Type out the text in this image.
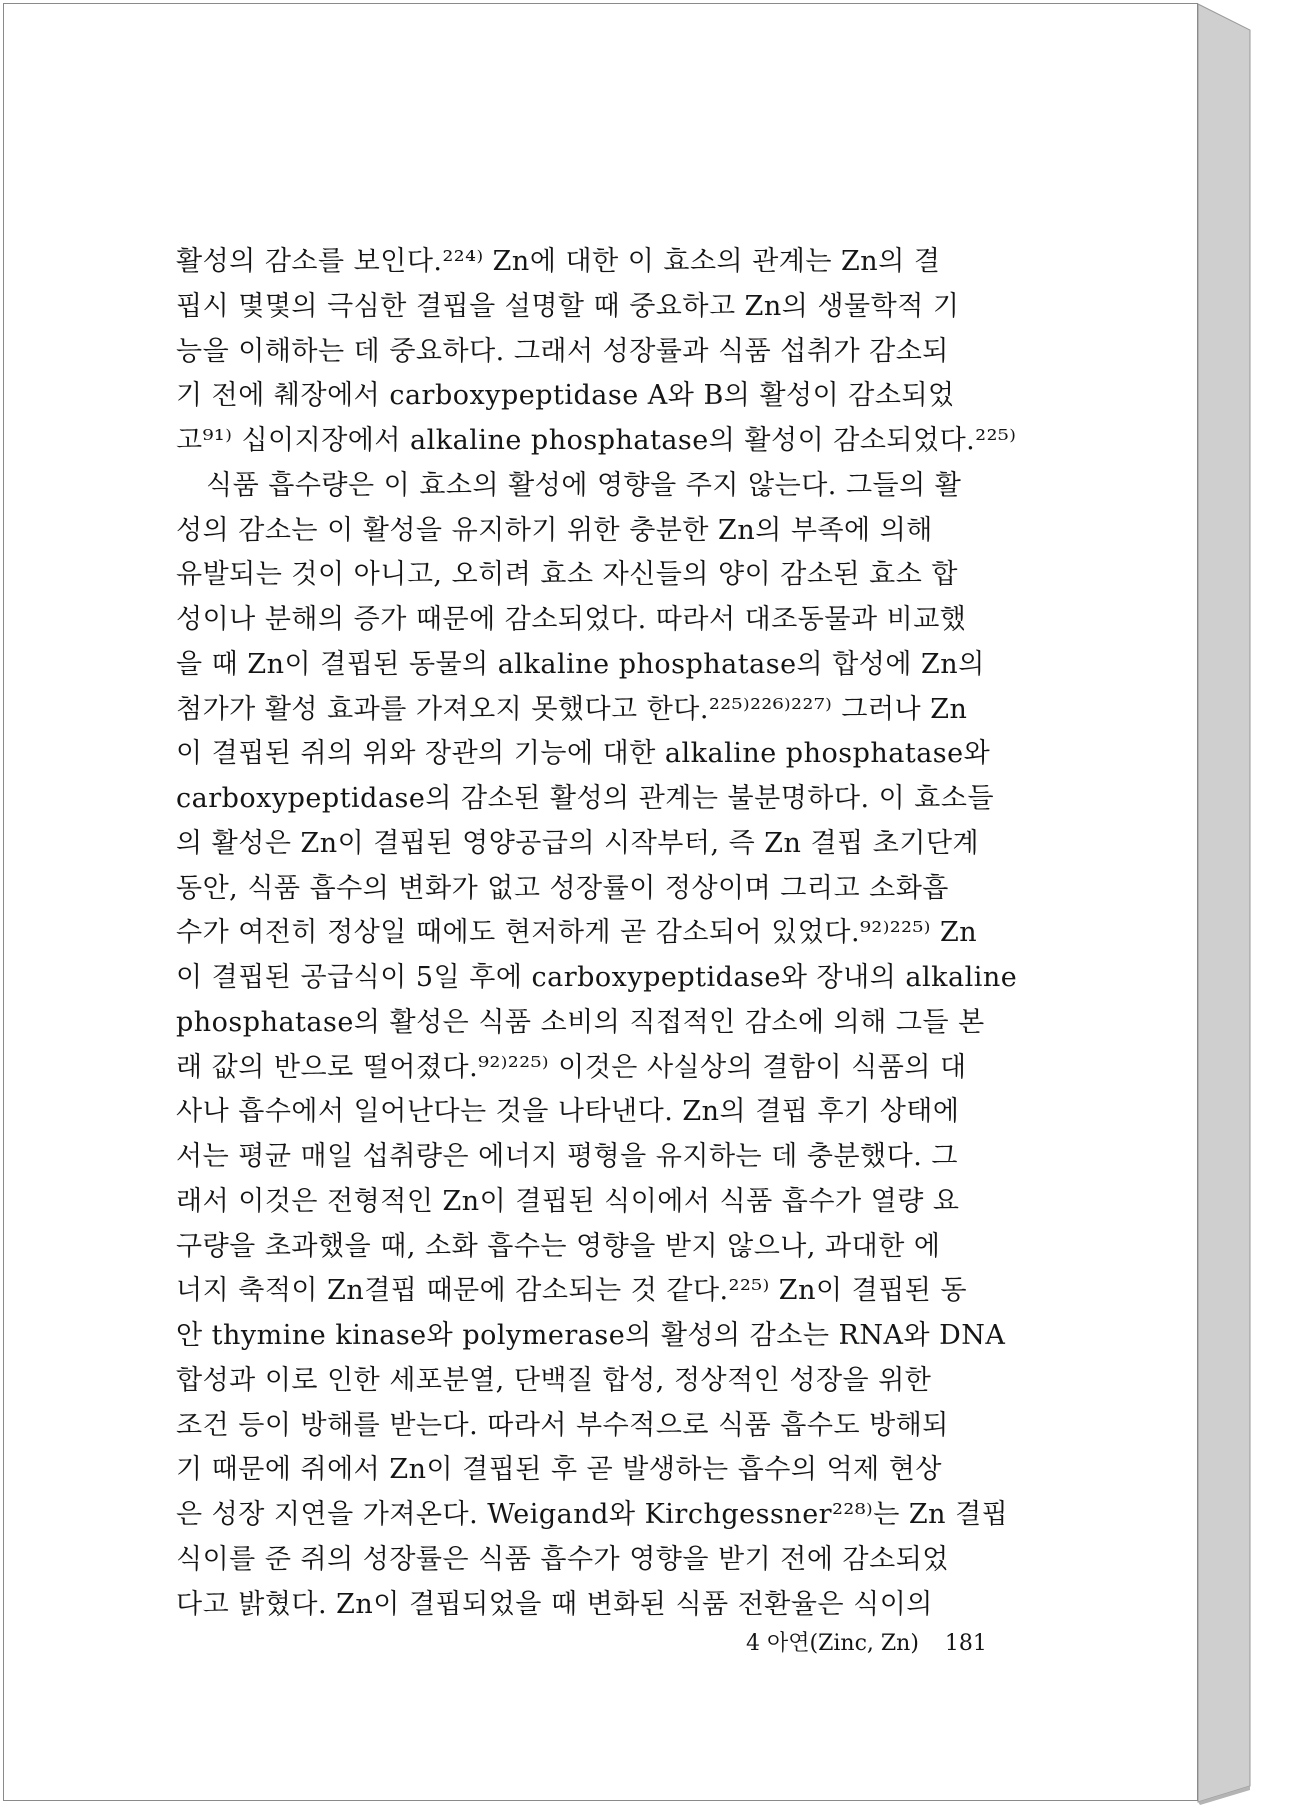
활성의 감소를 보인다.²²⁴⁾ Zn에 대한 이 효소의 관계는 Zn의 결
핍시 몇몇의 극심한 결핍을 설명할 때 중요하고 Zn의 생물학적 기
능을 이해하는 데 중요하다. 그래서 성장률과 식품 섭취가 감소되
기 전에 췌장에서 carboxypeptidase A와 B의 활성이 감소되었
고⁹¹⁾ 십이지장에서 alkaline phosphatase의 활성이 감소되었다.²²⁵⁾
식품 흡수량은 이 효소의 활성에 영향을 주지 않는다. 그들의 활
성의 감소는 이 활성을 유지하기 위한 충분한 Zn의 부족에 의해
유발되는 것이 아니고, 오히려 효소 자신들의 양이 감소된 효소 합
성이나 분해의 증가 때문에 감소되었다. 따라서 대조동물과 비교했
을 때 Zn이 결핍된 동물의 alkaline phosphatase의 합성에 Zn의
첨가가 활성 효과를 가져오지 못했다고 한다.²²⁵⁾²²⁶⁾²²⁷⁾ 그러나 Zn
이 결핍된 쥐의 위와 장관의 기능에 대한 alkaline phosphatase와
carboxypeptidase의 감소된 활성의 관계는 불분명하다. 이 효소들
의 활성은 Zn이 결핍된 영양공급의 시작부터, 즉 Zn 결핍 초기단계
동안, 식품 흡수의 변화가 없고 성장률이 정상이며 그리고 소화흡
수가 여전히 정상일 때에도 현저하게 곧 감소되어 있었다.⁹²⁾²²⁵⁾ Zn
이 결핍된 공급식이 5일 후에 carboxypeptidase와 장내의 alkaline
phosphatase의 활성은 식품 소비의 직접적인 감소에 의해 그들 본
래 값의 반으로 떨어졌다.⁹²⁾²²⁵⁾ 이것은 사실상의 결함이 식품의 대
사나 흡수에서 일어난다는 것을 나타낸다. Zn의 결핍 후기 상태에
서는 평균 매일 섭취량은 에너지 평형을 유지하는 데 충분했다. 그
래서 이것은 전형적인 Zn이 결핍된 식이에서 식품 흡수가 열량 요
구량을 초과했을 때, 소화 흡수는 영향을 받지 않으나, 과대한 에
너지 축적이 Zn결핍 때문에 감소되는 것 같다.²²⁵⁾ Zn이 결핍된 동
안 thymine kinase와 polymerase의 활성의 감소는 RNA와 DNA
합성과 이로 인한 세포분열, 단백질 합성, 정상적인 성장을 위한
조건 등이 방해를 받는다. 따라서 부수적으로 식품 흡수도 방해되
기 때문에 쥐에서 Zn이 결핍된 후 곧 발생하는 흡수의 억제 현상
은 성장 지연을 가져온다. Weigand와 Kirchgessner²²⁸⁾는 Zn 결핍
식이를 준 쥐의 성장률은 식품 흡수가 영향을 받기 전에 감소되었
다고 밝혔다. Zn이 결핍되었을 때 변화된 식품 전환율은 식이의
4 아연(Zinc, Zn) 181
